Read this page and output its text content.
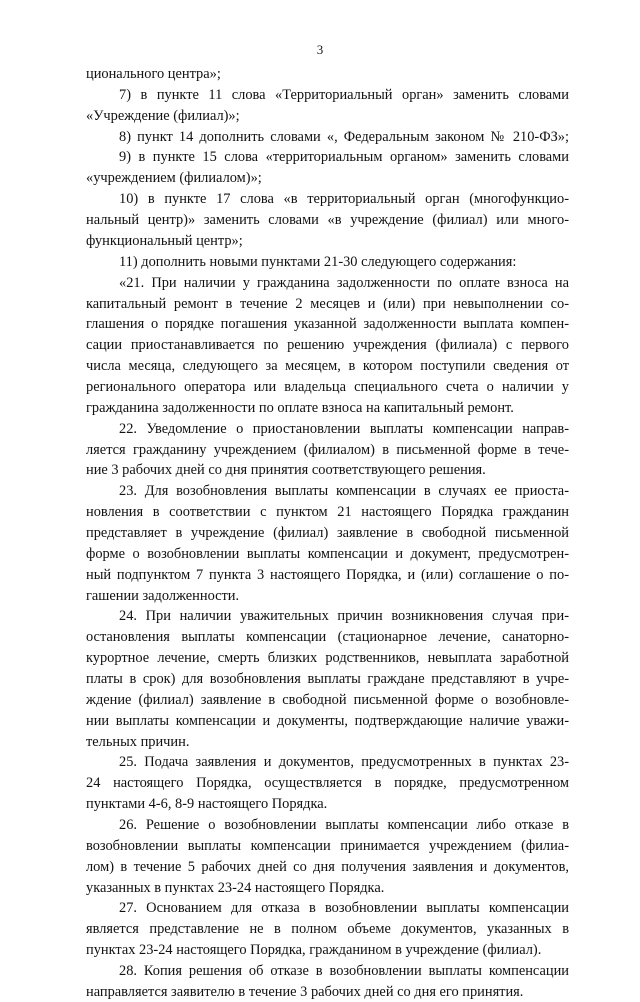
3
ционального центра»;
7) в пункте 11 слова «Территориальный орган» заменить словами
«Учреждение (филиал)»;
8) пункт 14 дополнить словами «, Федеральным законом № 210-ФЗ»;
9) в пункте 15 слова «территориальным органом» заменить словами
«учреждением (филиалом)»;
10) в пункте 17 слова «в территориальный орган (многофункцио-
нальный центр)» заменить словами «в учреждение (филиал) или много-
функциональный центр»;
11) дополнить новыми пунктами 21-30 следующего содержания:
«21. При наличии у гражданина задолженности по оплате взноса на
капитальный ремонт в течение 2 месяцев и (или) при невыполнении со-
глашения о порядке погашения указанной задолженности выплата компен-
сации приостанавливается по решению учреждения (филиала) с первого
числа месяца, следующего за месяцем, в котором поступили сведения от
регионального оператора или владельца специального счета о наличии у
гражданина задолженности по оплате взноса на капитальный ремонт.
22. Уведомление о приостановлении выплаты компенсации направ-
ляется гражданину учреждением (филиалом) в письменной форме в тече-
ние 3 рабочих дней со дня принятия соответствующего решения.
23. Для возобновления выплаты компенсации в случаях ее приоста-
новления в соответствии с пунктом 21 настоящего Порядка гражданин
представляет в учреждение (филиал) заявление в свободной письменной
форме о возобновлении выплаты компенсации и документ, предусмотрен-
ный подпунктом 7 пункта 3 настоящего Порядка, и (или) соглашение о по-
гашении задолженности.
24. При наличии уважительных причин возникновения случая при-
остановления выплаты компенсации (стационарное лечение, санаторно-
курортное лечение, смерть близких родственников, невыплата заработной
платы в срок) для возобновления выплаты граждане представляют в учре-
ждение (филиал) заявление в свободной письменной форме о возобновле-
нии выплаты компенсации и документы, подтверждающие наличие уважи-
тельных причин.
25. Подача заявления и документов, предусмотренных в пунктах 23-
24 настоящего Порядка, осуществляется в порядке, предусмотренном
пунктами 4-6, 8-9 настоящего Порядка.
26. Решение о возобновлении выплаты компенсации либо отказе в
возобновлении выплаты компенсации принимается учреждением (филиа-
лом) в течение 5 рабочих дней со дня получения заявления и документов,
указанных в пунктах 23-24 настоящего Порядка.
27. Основанием для отказа в возобновлении выплаты компенсации
является представление не в полном объеме документов, указанных в
пунктах 23-24 настоящего Порядка, гражданином в учреждение (филиал).
28. Копия решения об отказе в возобновлении выплаты компенсации
направляется заявителю в течение 3 рабочих дней со дня его принятия.
